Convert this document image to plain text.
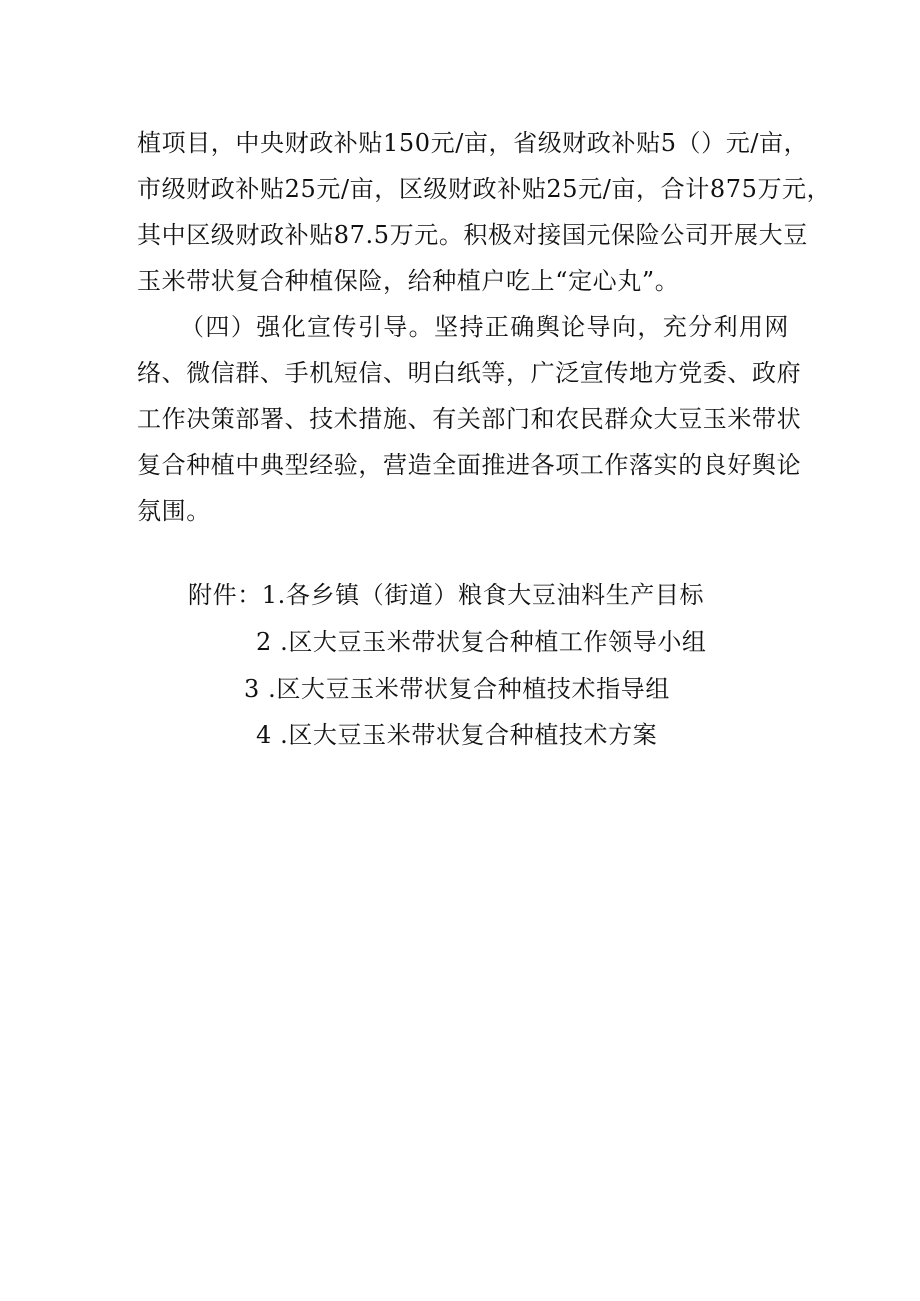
植项目，中央财政补贴150元/亩，省级财政补贴5（）元/亩，
市级财政补贴25元/亩，区级财政补贴25元/亩，合计875万元，
其中区级财政补贴87.5万元。积极对接国元保险公司开展大豆
玉米带状复合种植保险，给种植户吃上“定心丸”。
（四）强化宣传引导。坚持正确舆论导向，充分利用网
络、微信群、手机短信、明白纸等，广泛宣传地方党委、政府
工作决策部署、技术措施、有关部门和农民群众大豆玉米带状
复合种植中典型经验，营造全面推进各项工作落实的良好舆论
氛围。
附件：1.各乡镇（街道）粮食大豆油料生产目标
2 .区大豆玉米带状复合种植工作领导小组
3 .区大豆玉米带状复合种植技术指导组
4 .区大豆玉米带状复合种植技术方案
